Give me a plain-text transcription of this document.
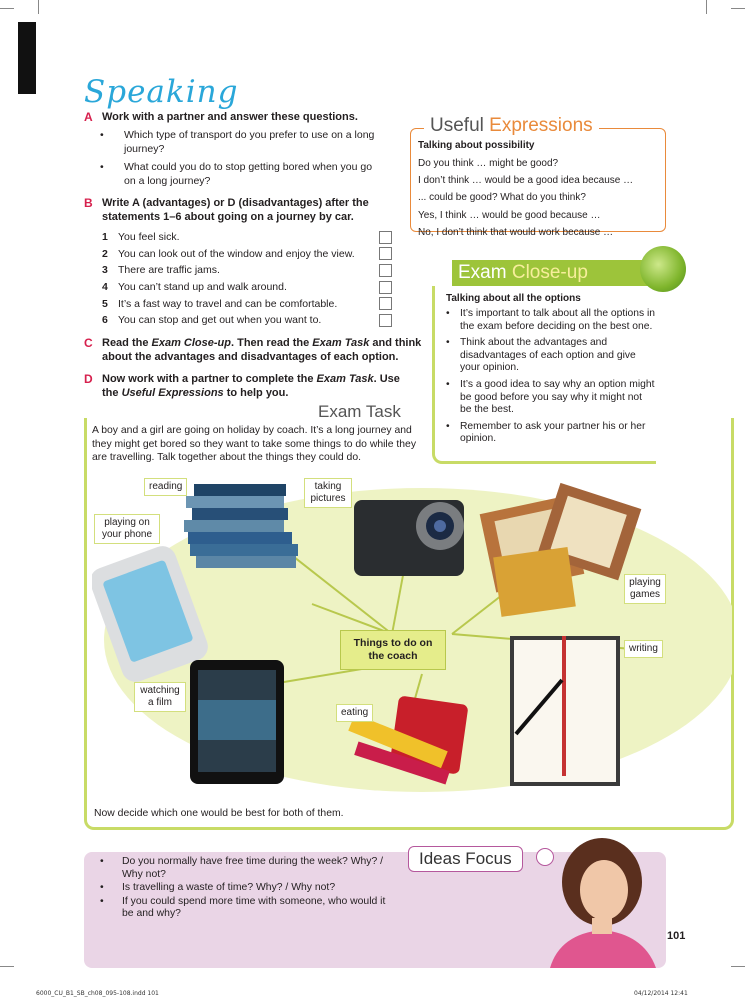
Speaking
A Work with a partner and answer these questions.
•	Which type of transport do you prefer to use on a long journey?
•	What could you do to stop getting bored when you go on a long journey?
B Write A (advantages) or D (disadvantages) after the statements 1–6 about going on a journey by car.
1 You feel sick.
2 You can look out of the window and enjoy the view.
3 There are traffic jams.
4 You can’t stand up and walk around.
5 It’s a fast way to travel and can be comfortable.
6 You can stop and get out when you want to.
C Read the Exam Close-up. Then read the Exam Task and think about the advantages and disadvantages of each option.
D Now work with a partner to complete the Exam Task. Use the Useful Expressions to help you.
Useful Expressions
Talking about possibility
Do you think … might be good?
I don’t think … would be a good idea because …
... could be good? What do you think?
Yes, I think … would be good because …
No, I don’t think that would work because …
Exam Close-up
Talking about all the options
•	It’s important to talk about all the options in the exam before deciding on the best one.
•	Think about the advantages and disadvantages of each option and give your opinion.
•	It’s a good idea to say why an option might be good before you say why it might not be the best.
•	Remember to ask your partner his or her opinion.
Exam Task
A boy and a girl are going on holiday by coach. It’s a long journey and they might get bored so they want to take some things to do while they are travelling. Talk together about the things they could do.
Things to do on the coach
reading	taking pictures
playing on your phone
playing games
writing
watching a film
eating
Now decide which one would be best for both of them.
Ideas Focus
•	Do you normally have free time during the week? Why? / Why not?
•	Is travelling a waste of time? Why? / Why not?
•	If you could spend more time with someone, who would it be and why?
101
6000_CU_B1_SB_ch08_095-108.indd 101	04/12/2014 12:41
